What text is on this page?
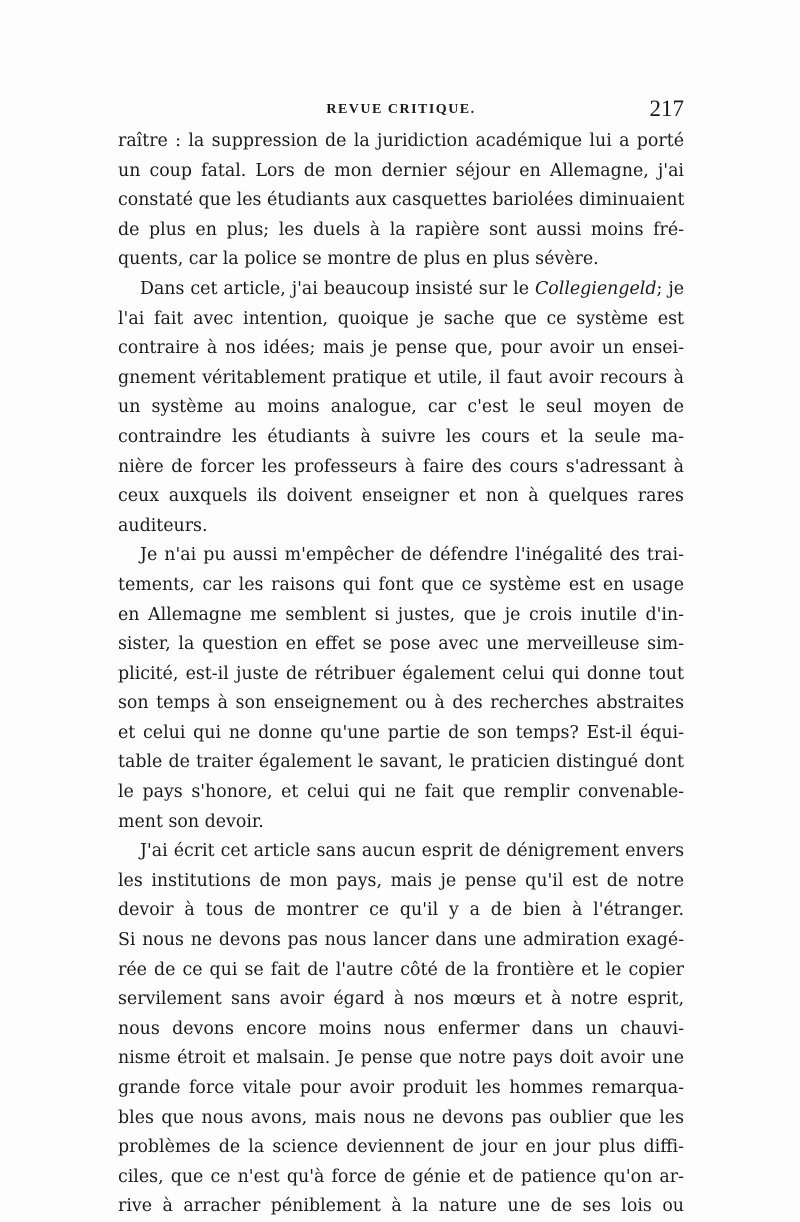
REVUE CRITIQUE.	217
raître : la suppression de la juridiction académique lui a porté
un coup fatal. Lors de mon dernier séjour en Allemagne, j'ai
constaté que les étudiants aux casquettes bariolées diminuaient
de plus en plus; les duels à la rapière sont aussi moins fré-
quents, car la police se montre de plus en plus sévère.
Dans cet article, j'ai beaucoup insisté sur le Collegiengeld; je
l'ai fait avec intention, quoique je sache que ce système est
contraire à nos idées; mais je pense que, pour avoir un ensei-
gnement véritablement pratique et utile, il faut avoir recours à
un système au moins analogue, car c'est le seul moyen de
contraindre les étudiants à suivre les cours et la seule ma-
nière de forcer les professeurs à faire des cours s'adressant à
ceux auxquels ils doivent enseigner et non à quelques rares
auditeurs.
Je n'ai pu aussi m'empêcher de défendre l'inégalité des trai-
tements, car les raisons qui font que ce système est en usage
en Allemagne me semblent si justes, que je crois inutile d'in-
sister, la question en effet se pose avec une merveilleuse sim-
plicité, est-il juste de rétribuer également celui qui donne tout
son temps à son enseignement ou à des recherches abstraites
et celui qui ne donne qu'une partie de son temps? Est-il équi-
table de traiter également le savant, le praticien distingué dont
le pays s'honore, et celui qui ne fait que remplir convenable-
ment son devoir.
J'ai écrit cet article sans aucun esprit de dénigrement envers
les institutions de mon pays, mais je pense qu'il est de notre
devoir à tous de montrer ce qu'il y a de bien à l'étranger.
Si nous ne devons pas nous lancer dans une admiration exagé-
rée de ce qui se fait de l'autre côté de la frontière et le copier
servilement sans avoir égard à nos mœurs et à notre esprit,
nous devons encore moins nous enfermer dans un chauvi-
nisme étroit et malsain. Je pense que notre pays doit avoir une
grande force vitale pour avoir produit les hommes remarqua-
bles que nous avons, mais nous ne devons pas oublier que les
problèmes de la science deviennent de jour en jour plus diffi-
ciles, que ce n'est qu'à force de génie et de patience qu'on ar-
rive à arracher péniblement à la nature une de ses lois ou
